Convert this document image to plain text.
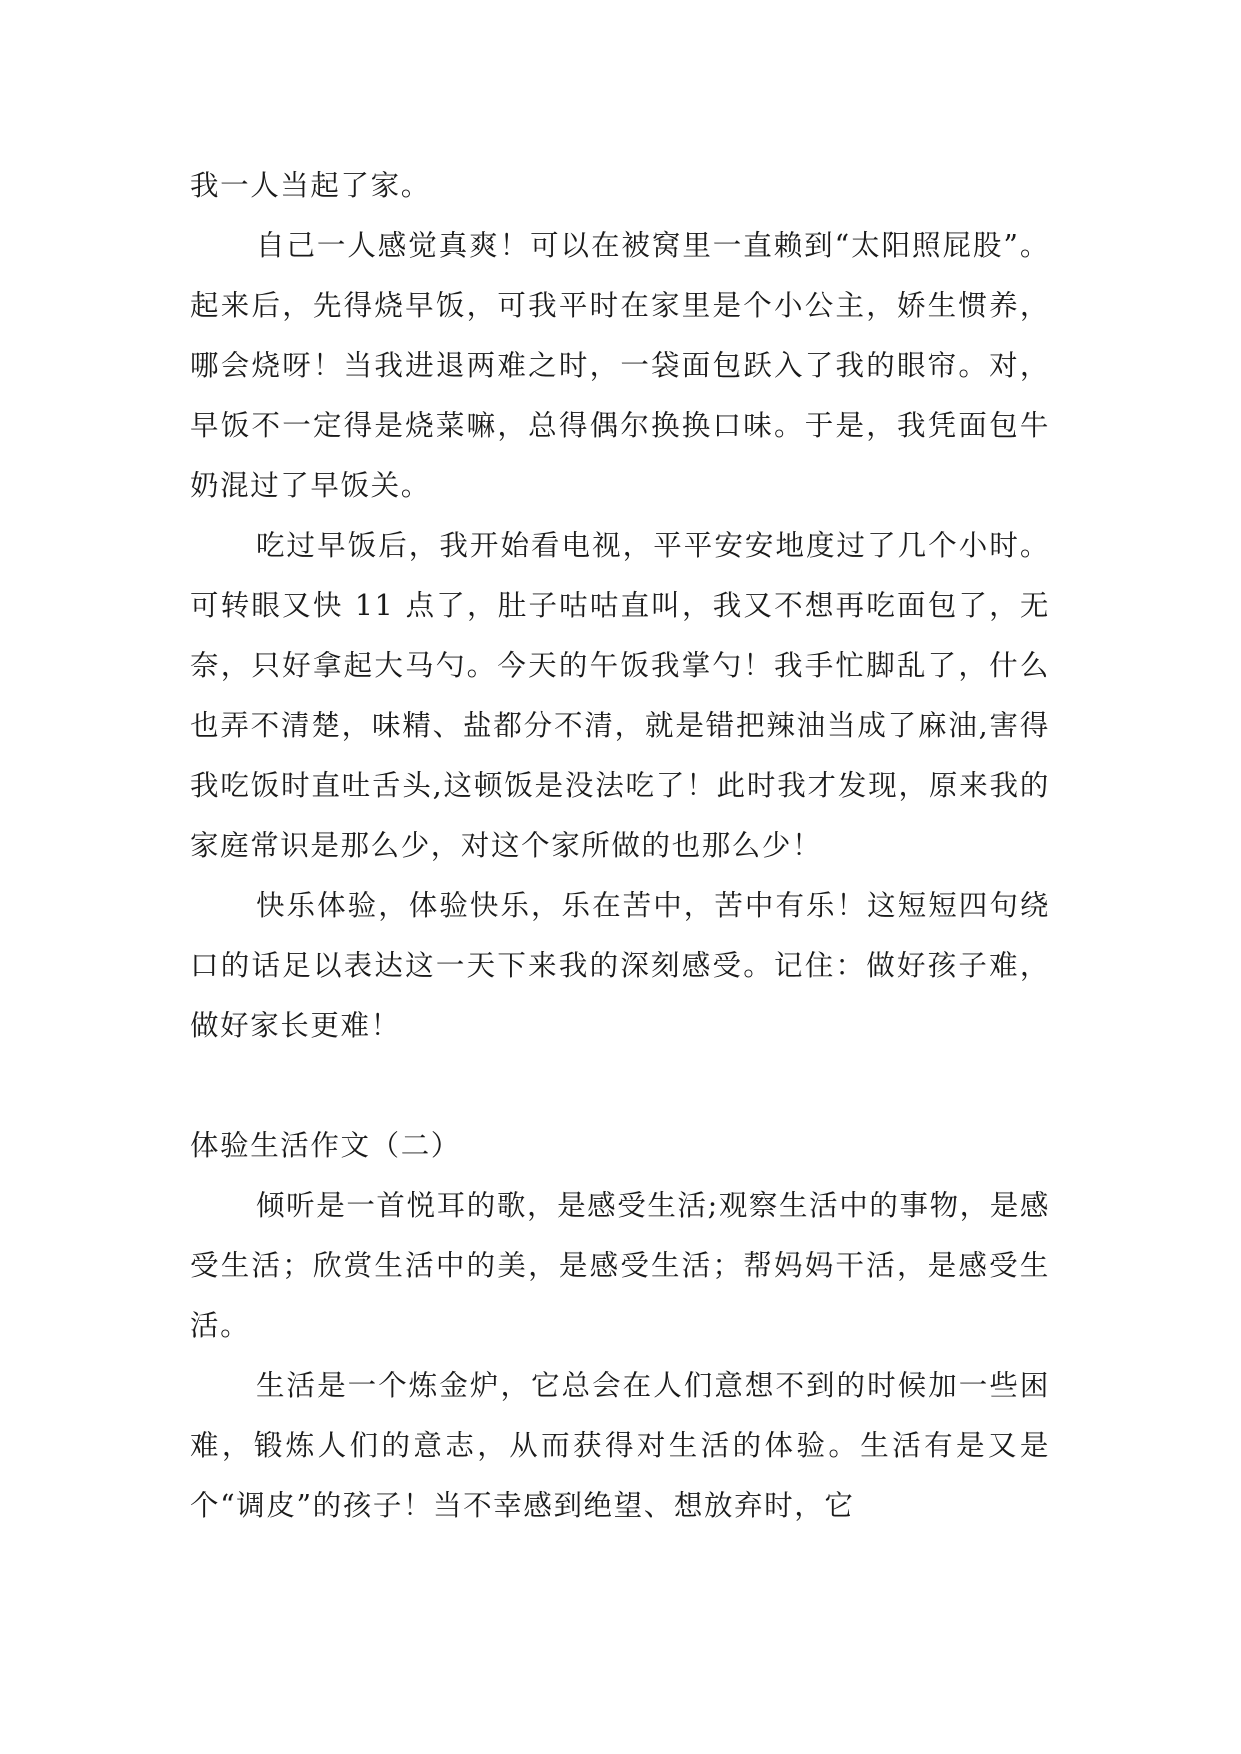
我一人当起了家。

自己一人感觉真爽！可以在被窝里一直赖到“太阳照屁股”。起来后，先得烧早饭，可我平时在家里是个小公主，娇生惯养，哪会烧呀！当我进退两难之时，一袋面包跃入了我的眼帘。对，早饭不一定得是烧菜嘛，总得偶尔换换口味。于是，我凭面包牛奶混过了早饭关。

吃过早饭后，我开始看电视，平平安安地度过了几个小时。可转眼又快 11 点了，肚子咕咕直叫，我又不想再吃面包了，无奈，只好拿起大马勺。今天的午饭我掌勺！我手忙脚乱了，什么也弄不清楚，味精、盐都分不清，就是错把辣油当成了麻油,害得我吃饭时直吐舌头,这顿饭是没法吃了！此时我才发现，原来我的家庭常识是那么少，对这个家所做的也那么少！

快乐体验，体验快乐，乐在苦中，苦中有乐！这短短四句绕口的话足以表达这一天下来我的深刻感受。记住：做好孩子难，做好家长更难！

体验生活作文（二）

倾听是一首悦耳的歌，是感受生活;观察生活中的事物，是感受生活；欣赏生活中的美，是感受生活；帮妈妈干活，是感受生活。

生活是一个炼金炉，它总会在人们意想不到的时候加一些困难，锻炼人们的意志，从而获得对生活的体验。生活有是又是个“调皮”的孩子！当不幸感到绝望、想放弃时，它
